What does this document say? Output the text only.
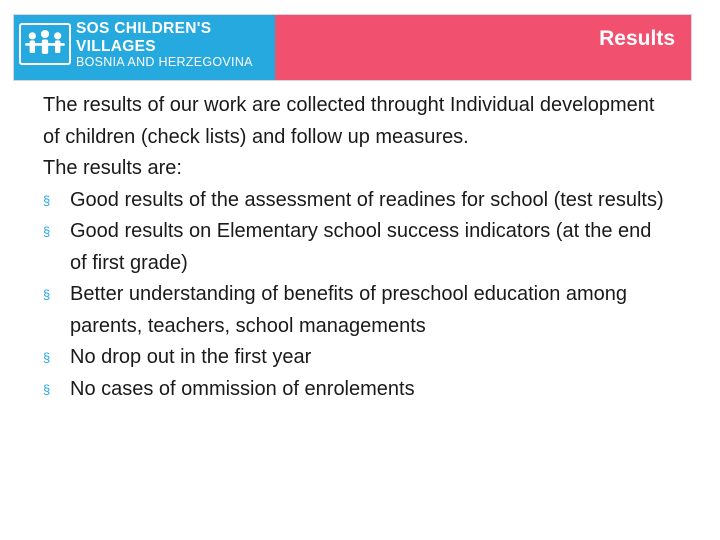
SOS CHILDREN'S
VILLAGES
BOSNIA AND HERZEGOVINA
Results

The results of our work are collected throught Individual development of children (check lists) and follow up measures.

The results are:

§ Good results of the assessment of readines for school (test results)
§ Good results on Elementary school success indicators (at the end of first grade)
§ Better understanding of benefits of preschool education among parents, teachers, school managements
§ No drop out in the first year
§ No cases of ommission of enrolements
